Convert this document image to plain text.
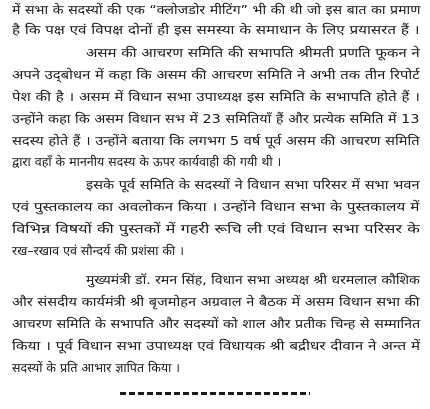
में सभा के सदस्यों की एक “क्लोजडोर मीटिंग” भी की थी जो इस बात का प्रमाण
है कि पक्ष एवं विपक्ष दोनों ही इस समस्या के समाधान के लिए प्रयासरत हैं ।
असम की आचरण समिति की सभापति श्रीमती प्रणति फूकन ने
अपने उद्‌बोधन में कहा कि असम की आचरण समिति ने अभी तक तीन रिपोर्ट
पेश की है । असम में विधान सभा उपाध्यक्ष इस समिति के सभापति होते हैं ।
उन्होंने कहा कि असम विधान सभ में 23 समितियाँ हैं और प्रत्येक समिति में 13
सदस्य होते हैं । उन्होंने बताया कि लगभग 5 वर्ष पूर्व असम की आचरण समिति
द्वारा वहाँ के माननीय सदस्य के ऊपर कार्यवाही की गयी थी ।
इसके पूर्व समिति के सदस्यों ने विधान सभा परिसर में सभा भवन
एवं पुस्तकालय का अवलोकन किया । उन्होंने विधान सभा के पुस्तकालय में
विभिन्न विषयों की पुस्तकों में गहरी रूचि ली एवं विधान सभा परिसर के
रख–रखाव एवं सौन्दर्य की प्रशंसा की ।
मुख्यमंत्री डॉ. रमन सिंह, विधान सभा अध्यक्ष श्री धरमलाल कौशिक
और संसदीय कार्यमंत्री श्री बृजमोहन अग्रवाल ने बैठक में असम विधान सभा की
आचरण समिति के सभापति और सदस्यों को शाल और प्रतीक चिन्ह से सम्मानित
किया । पूर्व विधान सभा उपाध्यक्ष एवं विधायक श्री बद्रीधर दीवान ने अन्त में
सदस्यों के प्रति आभार ज्ञापित किया ।
